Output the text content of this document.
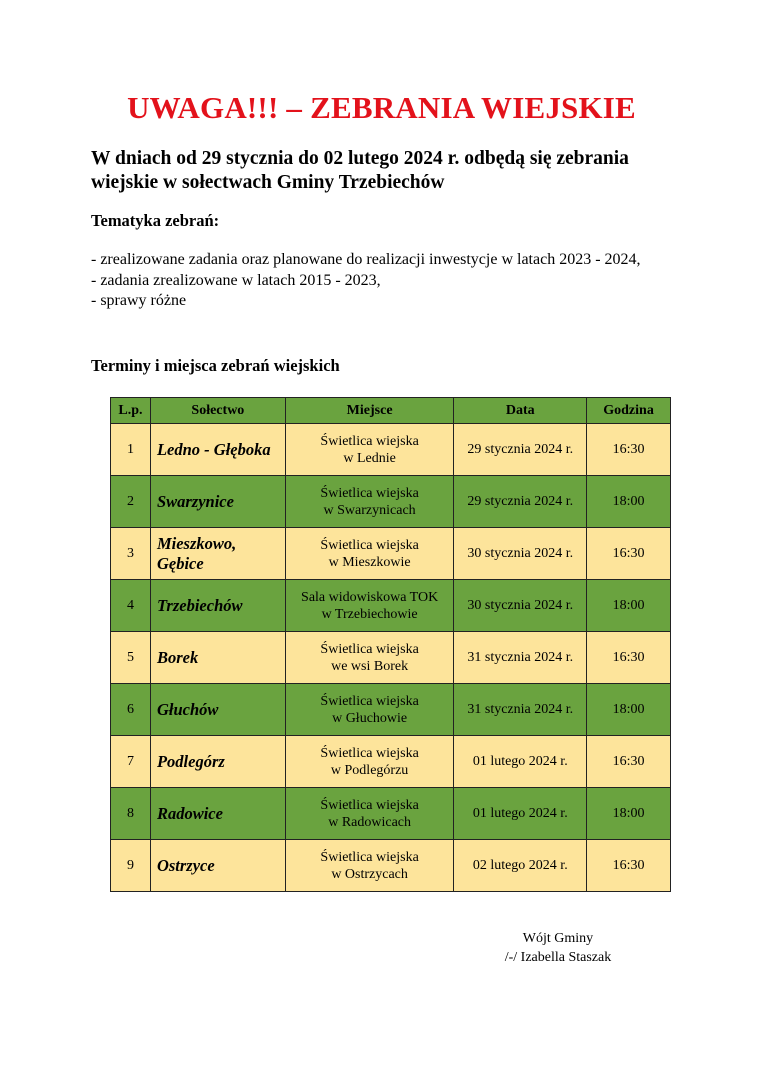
UWAGA!!! – ZEBRANIA WIEJSKIE
W dniach od 29 stycznia do 02 lutego 2024 r. odbędą się zebrania wiejskie w sołectwach Gminy Trzebiechów
Tematyka zebrań:
- zrealizowane zadania oraz planowane do realizacji inwestycje w latach 2023 - 2024,
- zadania zrealizowane w latach 2015 - 2023,
- sprawy różne
Terminy i miejsca zebrań wiejskich
L.p.	Sołectwo	Miejsce	Data	Godzina
1	Ledno - Głęboka	Świetlica wiejska
w Lednie	29 stycznia 2024 r.	16:30
2	Swarzynice	Świetlica wiejska
w Swarzynicach	29 stycznia 2024 r.	18:00
3	Mieszkowo, Gębice	Świetlica wiejska
w Mieszkowie	30 stycznia 2024 r.	16:30
4	Trzebiechów	Sala widowiskowa TOK
w Trzebiechowie	30 stycznia 2024 r.	18:00
5	Borek	Świetlica wiejska
we wsi Borek	31 stycznia 2024 r.	16:30
6	Głuchów	Świetlica wiejska
w Głuchowie	31 stycznia 2024 r.	18:00
7	Podlegórz	Świetlica wiejska
w Podlegórzu	01 lutego 2024 r.	16:30
8	Radowice	Świetlica wiejska
w Radowicach	01 lutego 2024 r.	18:00
9	Ostrzyce	Świetlica wiejska
w Ostrzycach	02 lutego 2024 r.	16:30
Wójt Gminy
/-/ Izabella Staszak
